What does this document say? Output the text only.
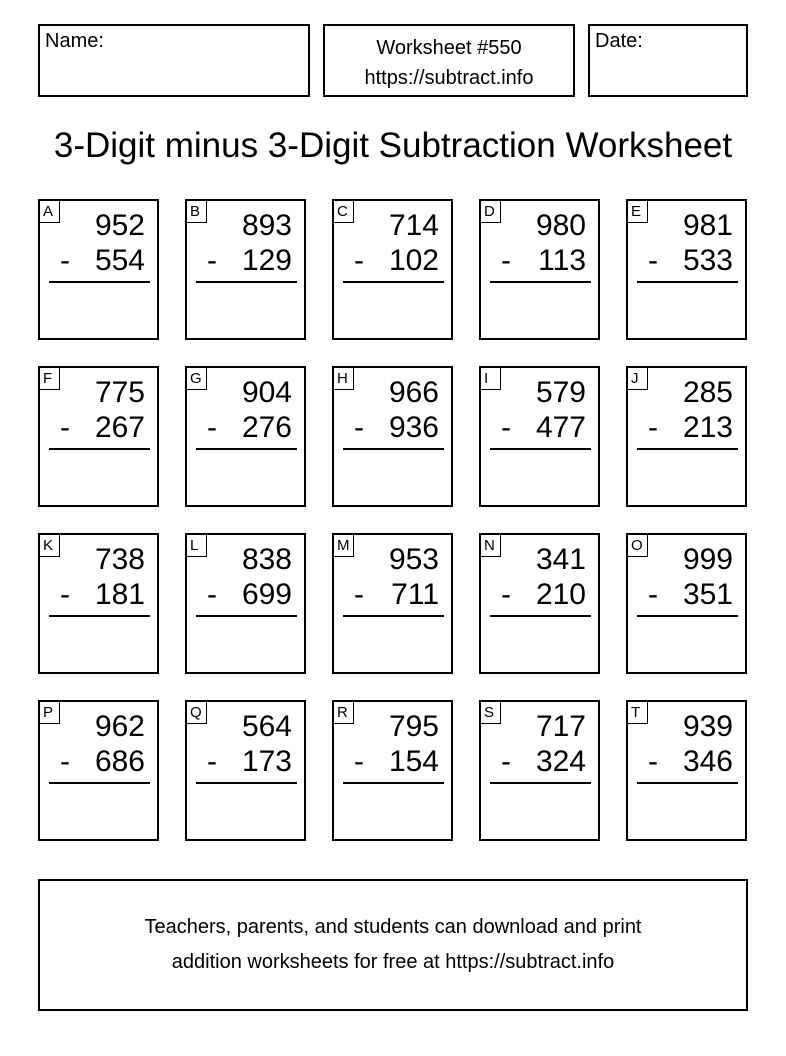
Name:	Worksheet #550
https://subtract.info
Date:
3-Digit minus 3-Digit Subtraction Worksheet
A 952
- 554
B 893
- 129
C 714
- 102
D 980
- 113
E 981
- 533
F 775
- 267
G 904
- 276
H 966
- 936
I	579
- 477
J	285
- 213
K 738
- 181
L 838
- 699
M 953
- 711
N 341
- 210
O 999
- 351
P 962
- 686
Q 564
- 173
R 795
- 154
S 717
- 324
T 939
- 346
Teachers, parents, and students can download and print
addition worksheets for free at https://subtract.info
